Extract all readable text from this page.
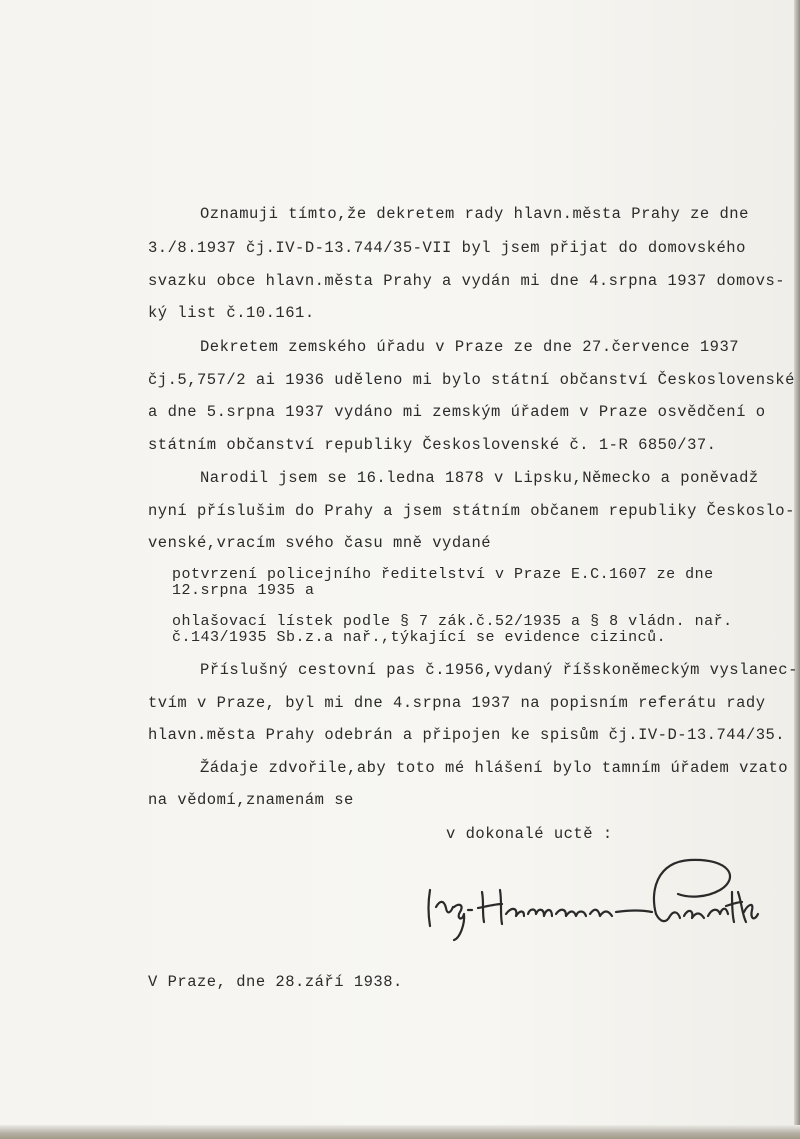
Oznamuji tímto,že dekretem rady hlavn.města Prahy ze dne
3./8.1937 čj.IV-D-13.744/35-VII byl jsem přijat do domovského
svazku obce hlavn.města Prahy a vydán mi dne 4.srpna 1937 domovs-
ký list č.10.161.
Dekretem zemského úřadu v Praze ze dne 27.července 1937
čj.5,757/2 ai 1936 uděleno mi bylo státní občanství Československé
a dne 5.srpna 1937 vydáno mi zemským úřadem v Praze osvědčení o
státním občanství republiky Československé č. 1-R 6850/37.
Narodil jsem se 16.ledna 1878 v Lipsku,Německo a poněvadž
nyní příslušim do Prahy a jsem státním občanem republiky Českoslo-
venské,vracím svého času mně vydané
potvrzení policejního ředitelství v Praze E.C.1607 ze dne
12.srpna 1935 a
ohlašovací lístek podle § 7 zák.č.52/1935 a § 8 vládn. nař.
č.143/1935 Sb.z.a nař.,týkající se evidence cizinců.
Příslušný cestovní pas č.1956,vydaný říšskoněmeckým vyslanec-
tvím v Praze, byl mi dne 4.srpna 1937 na popisním referátu rady
hlavn.města Prahy odebrán a připojen ke spisům čj.IV-D-13.744/35.
Žádaje zdvořile,aby toto mé hlášení bylo tamním úřadem vzato
na vědomí,znamenám se
v dokonalé uctě :
V Praze, dne 28.září 1938.
